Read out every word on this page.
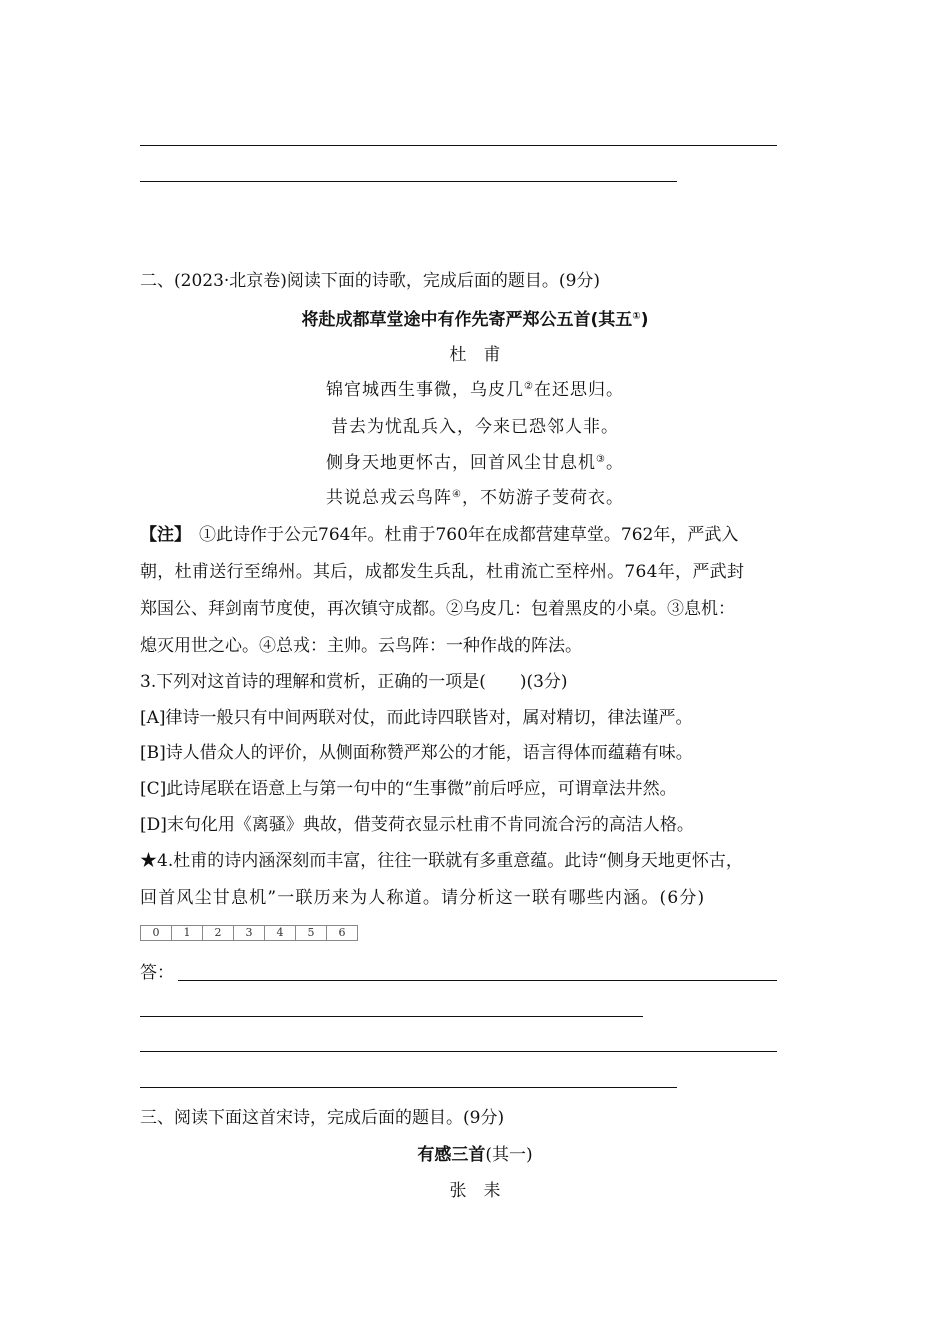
二、(2023·北京卷)阅读下面的诗歌，完成后面的题目。(9分)
将赴成都草堂途中有作先寄严郑公五首(其五①)
杜　甫
锦官城西生事微，乌皮几②在还思归。
昔去为忧乱兵入，今来已恐邻人非。
侧身天地更怀古，回首风尘甘息机③。
共说总戎云鸟阵④，不妨游子芰荷衣。
【注】 ①此诗作于公元764年。杜甫于760年在成都营建草堂。762年，严武入
朝，杜甫送行至绵州。其后，成都发生兵乱，杜甫流亡至梓州。764年，严武封
郑国公、拜剑南节度使，再次镇守成都。②乌皮几：包着黑皮的小桌。③息机：
熄灭用世之心。④总戎：主帅。云鸟阵：一种作战的阵法。
3.下列对这首诗的理解和赏析，正确的一项是(　　)(3分)
[A]律诗一般只有中间两联对仗，而此诗四联皆对，属对精切，律法谨严。
[B]诗人借众人的评价，从侧面称赞严郑公的才能，语言得体而蕴藉有味。
[C]此诗尾联在语意上与第一句中的“生事微”前后呼应，可谓章法井然。
[D]末句化用《离骚》典故，借芰荷衣显示杜甫不肯同流合污的高洁人格。
★4.杜甫的诗内涵深刻而丰富，往往一联就有多重意蕴。此诗“侧身天地更怀古，
回首风尘甘息机”一联历来为人称道。请分析这一联有哪些内涵。(6分)
0	1	2	3	4	5	6
答：
三、阅读下面这首宋诗，完成后面的题目。(9分)
有感三首(其一)
张　耒
